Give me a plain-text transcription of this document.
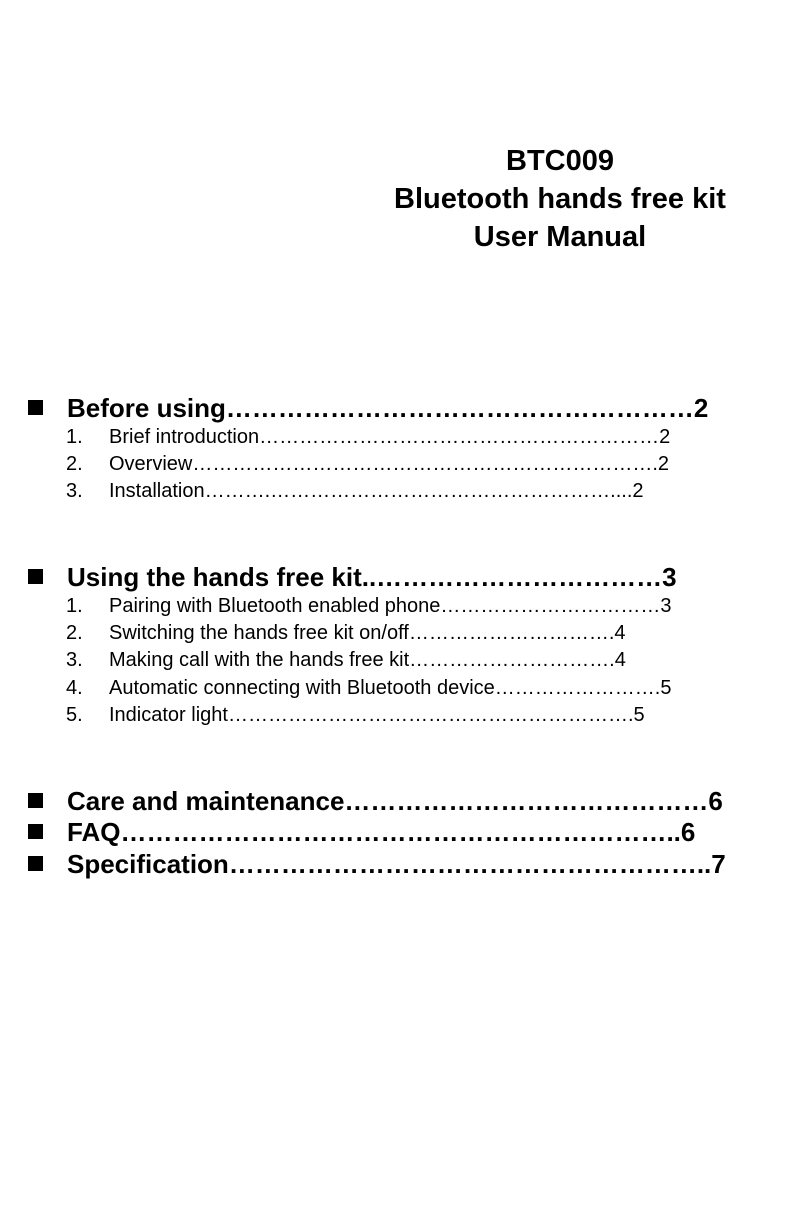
BTC009
Bluetooth hands free kit
User Manual
Before using………………………………………………2
1. Brief introduction……………………………………………………2
2. Overview…………………………………………………………….2
3. Installation……….……………………………………………....2
Using the hands free kit..……………………………3
1. Pairing with Bluetooth enabled phone……………………………3
2. Switching the hands free kit on/off………………………….4
3. Making call with the hands free kit………………………….4
4. Automatic connecting with Bluetooth device…………………….5
5. Indicator light…………………………………………………….5
Care and maintenance……………………………………6
FAQ………………………………………………………..6
Specification………………………………………………..7
